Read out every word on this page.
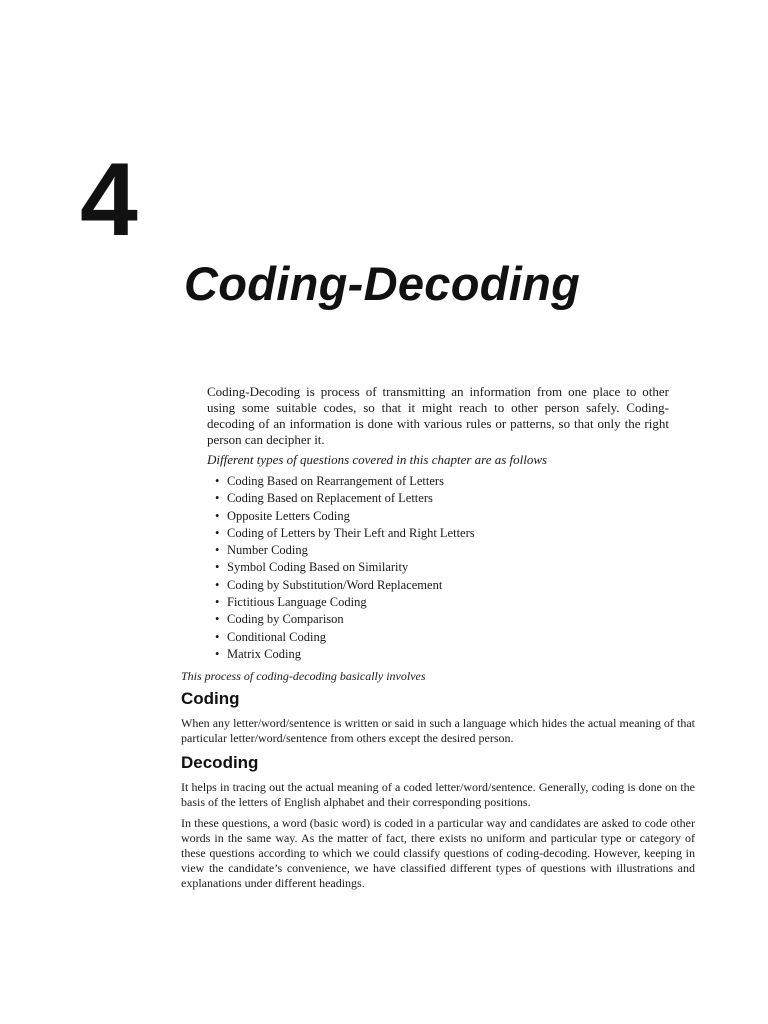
4
Coding-Decoding

Coding-Decoding is process of transmitting an information from one place to other using some suitable codes, so that it might reach to other person safely. Coding-decoding of an information is done with various rules or patterns, so that only the right person can decipher it.

Different types of questions covered in this chapter are as follows

• Coding Based on Rearrangement of Letters
• Coding Based on Replacement of Letters
• Opposite Letters Coding
• Coding of Letters by Their Left and Right Letters
• Number Coding
• Symbol Coding Based on Similarity
• Coding by Substitution/Word Replacement
• Fictitious Language Coding
• Coding by Comparison
• Conditional Coding
• Matrix Coding

This process of coding-decoding basically involves

Coding

When any letter/word/sentence is written or said in such a language which hides the actual meaning of that particular letter/word/sentence from others except the desired person.

Decoding

It helps in tracing out the actual meaning of a coded letter/word/sentence. Generally, coding is done on the basis of the letters of English alphabet and their corresponding positions.

In these questions, a word (basic word) is coded in a particular way and candidates are asked to code other words in the same way. As the matter of fact, there exists no uniform and particular type or category of these questions according to which we could classify questions of coding-decoding. However, keeping in view the candidate’s convenience, we have classified different types of questions with illustrations and explanations under different headings.
